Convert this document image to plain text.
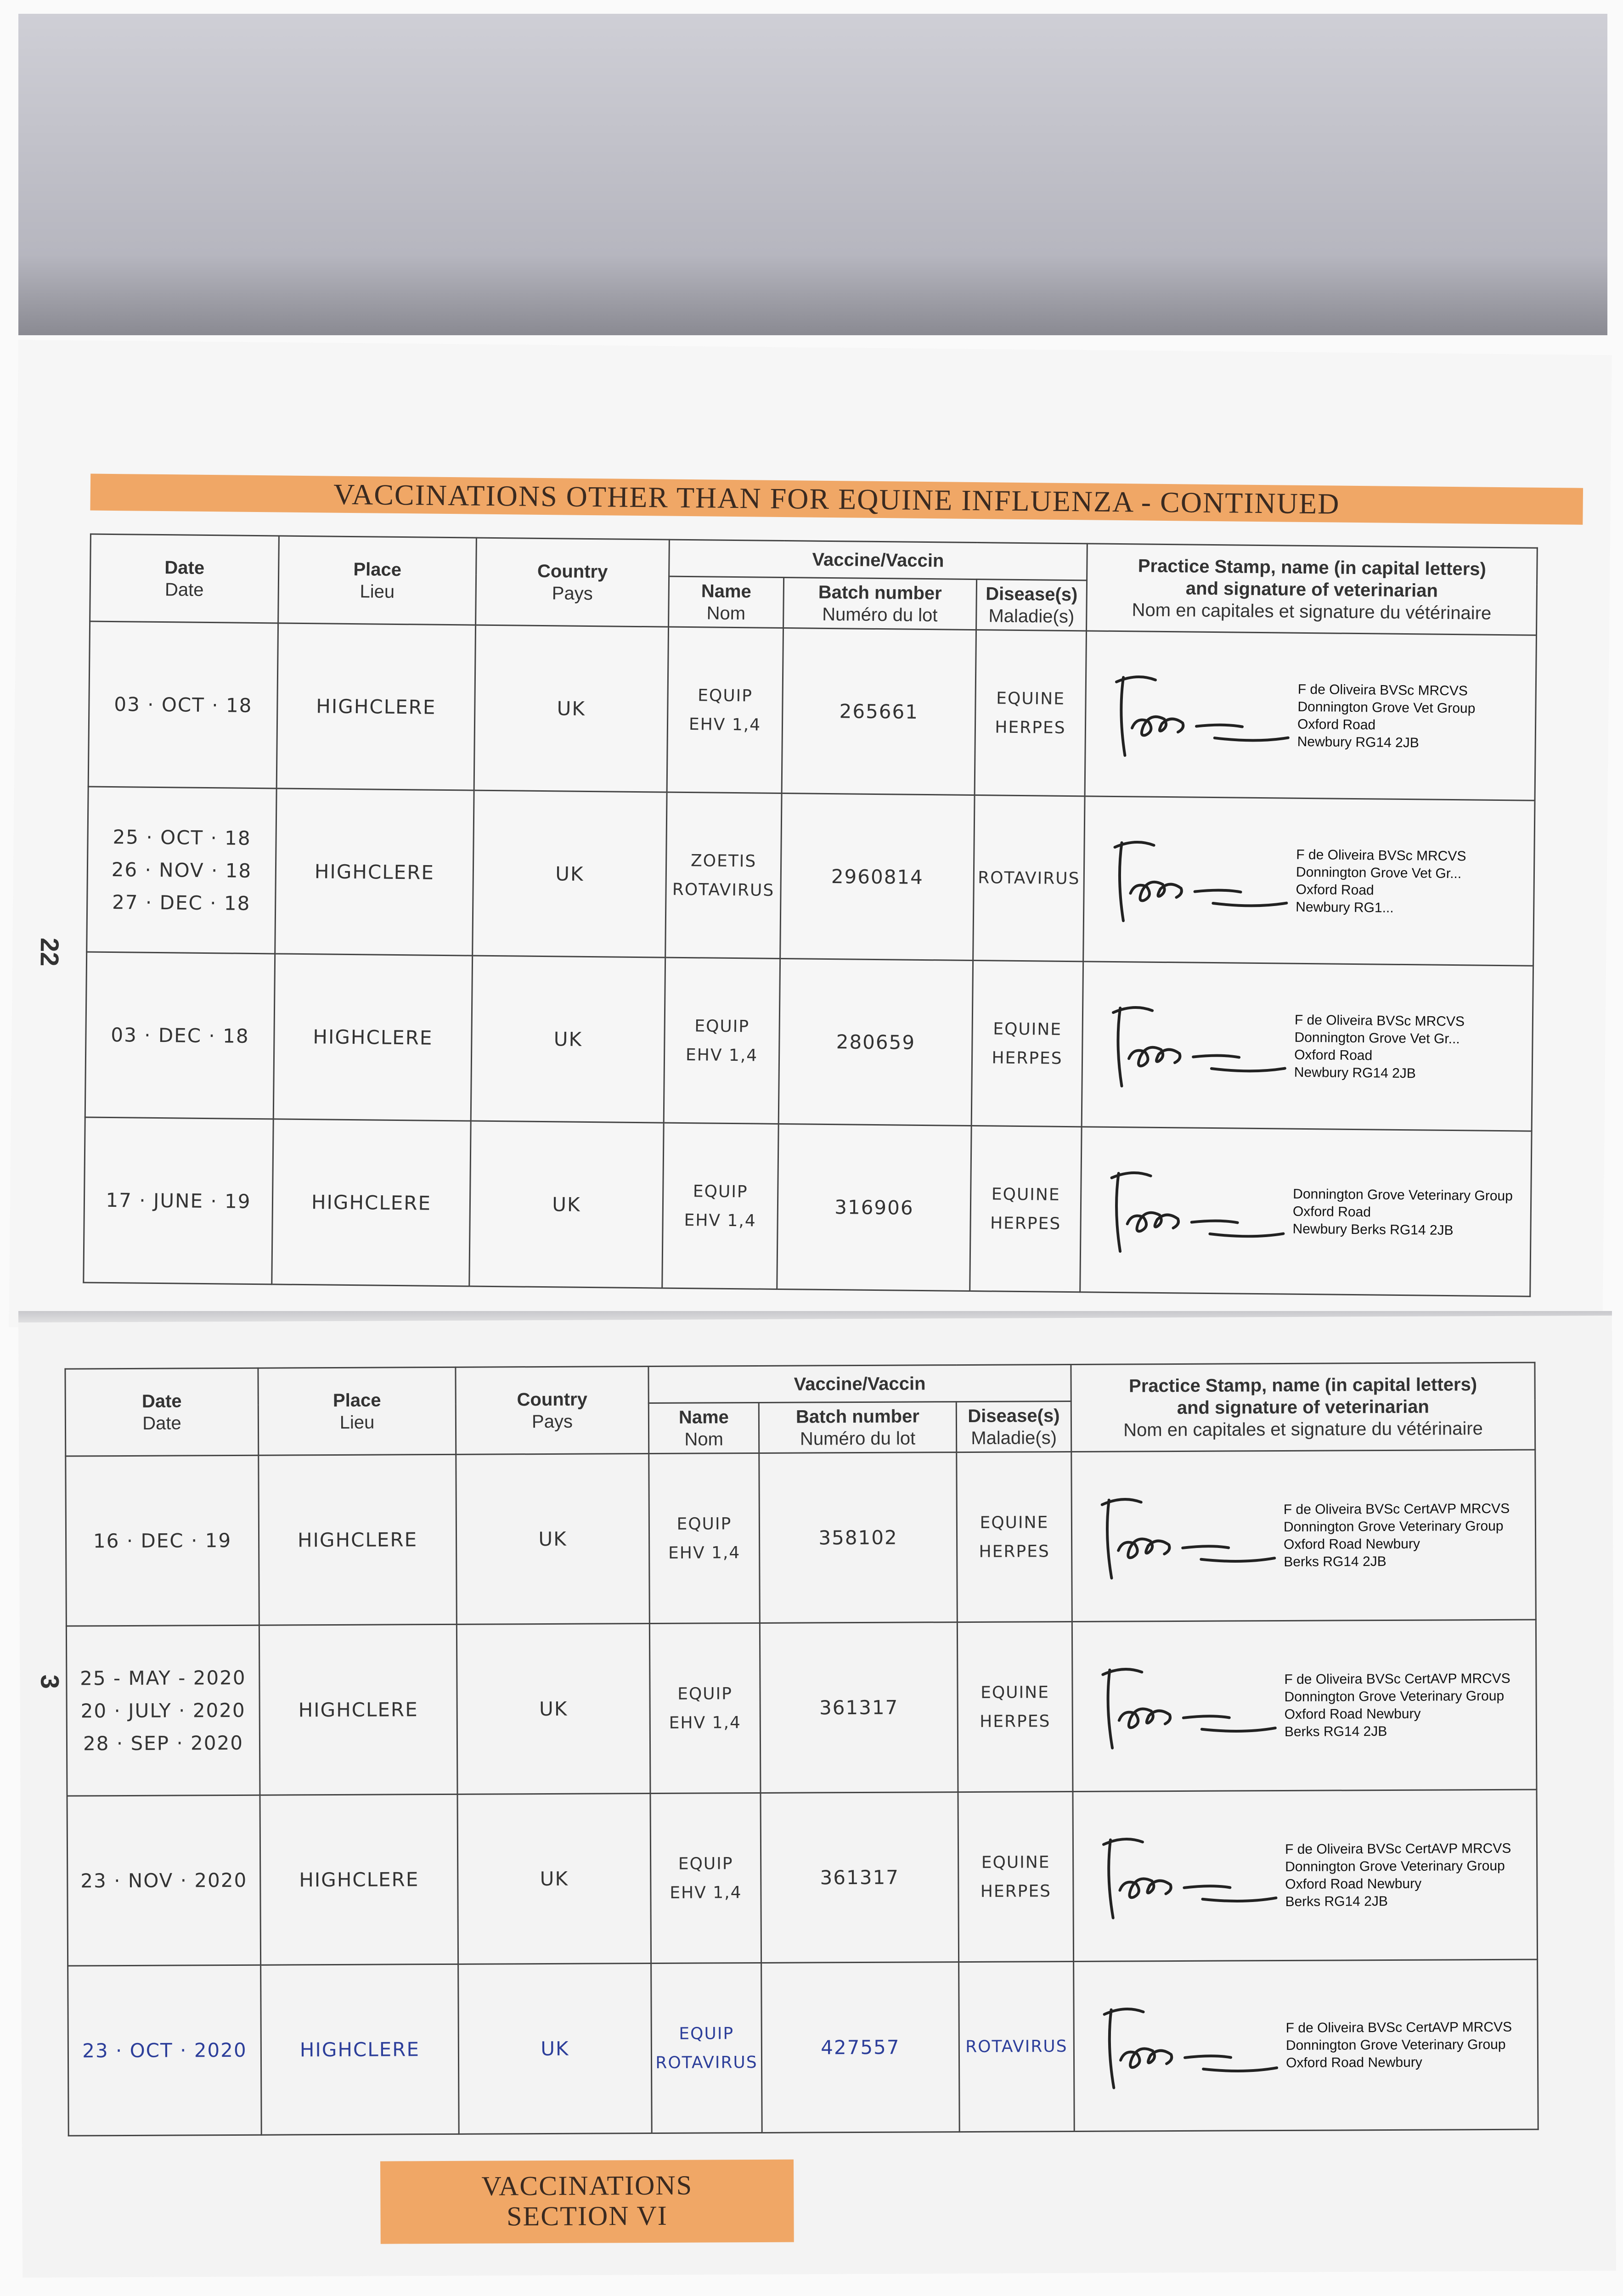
22
VACCINATIONS OTHER THAN FOR EQUINE INFLUENZA - CONTINUED
Date
Date	Place
Lieu	Country
Pays	Vaccine/Vaccin			Practice Stamp, name (in capital letters)
and signature of veterinarian
Nom en capitales et signature du vétérinaire
			Name
Nom	Batch number
Numéro du lot	Disease(s)
Maladie(s)	

03 · OCT · 18	HIGHCLERE	UK	EQUIP
EHV 1,4	265661	EQUINE
HERPES	F de Oliveira BVSc MRCVS
Donnington Grove Vet Group
Oxford Road
Newbury RG14 2JB

25 · OCT · 18
26 · NOV · 18
27 · DEC · 18	HIGHCLERE	UK	ZOETIS
ROTAVIRUS	2960814	ROTAVIRUS	F de Oliveira BVSc MRCVS
Donnington Grove Vet Gr...
Oxford Road
Newbury RG1...

03 · DEC · 18	HIGHCLERE	UK	EQUIP
EHV 1,4	280659	EQUINE
HERPES	F de Oliveira BVSc MRCVS
Donnington Grove Vet Gr...
Oxford Road
Newbury RG14 2JB

17 · JUNE · 19	HIGHCLERE	UK	EQUIP
EHV 1,4	316906	EQUINE
HERPES	Donnington Grove Veterinary Group
Oxford Road
Newbury Berks RG14 2JB
3
Date
Date	Place
Lieu	Country
Pays	Vaccine/Vaccin			Practice Stamp, name (in capital letters)
and signature of veterinarian
Nom en capitales et signature du vétérinaire
			Name
Nom	Batch number
Numéro du lot	Disease(s)
Maladie(s)	

16 · DEC · 19	HIGHCLERE	UK	EQUIP
EHV 1,4	358102	EQUINE
HERPES	F de Oliveira BVSc CertAVP MRCVS
Donnington Grove Veterinary Group
Oxford Road Newbury
Berks RG14 2JB

25 - MAY - 2020
20 · JULY · 2020
28 · SEP · 2020	HIGHCLERE	UK	EQUIP
EHV 1,4	361317	EQUINE
HERPES	F de Oliveira BVSc CertAVP MRCVS
Donnington Grove Veterinary Group
Oxford Road Newbury
Berks RG14 2JB

23 · NOV · 2020	HIGHCLERE	UK	EQUIP
EHV 1,4	361317	EQUINE
HERPES	F de Oliveira BVSc CertAVP MRCVS
Donnington Grove Veterinary Group
Oxford Road Newbury
Berks RG14 2JB

23 · OCT · 2020	HIGHCLERE	UK	EQUIP
ROTAVIRUS	427557	ROTAVIRUS	F de Oliveira BVSc CertAVP MRCVS
Donnington Grove Veterinary Group
Oxford Road Newbury
VACCINATIONS
SECTION VI
